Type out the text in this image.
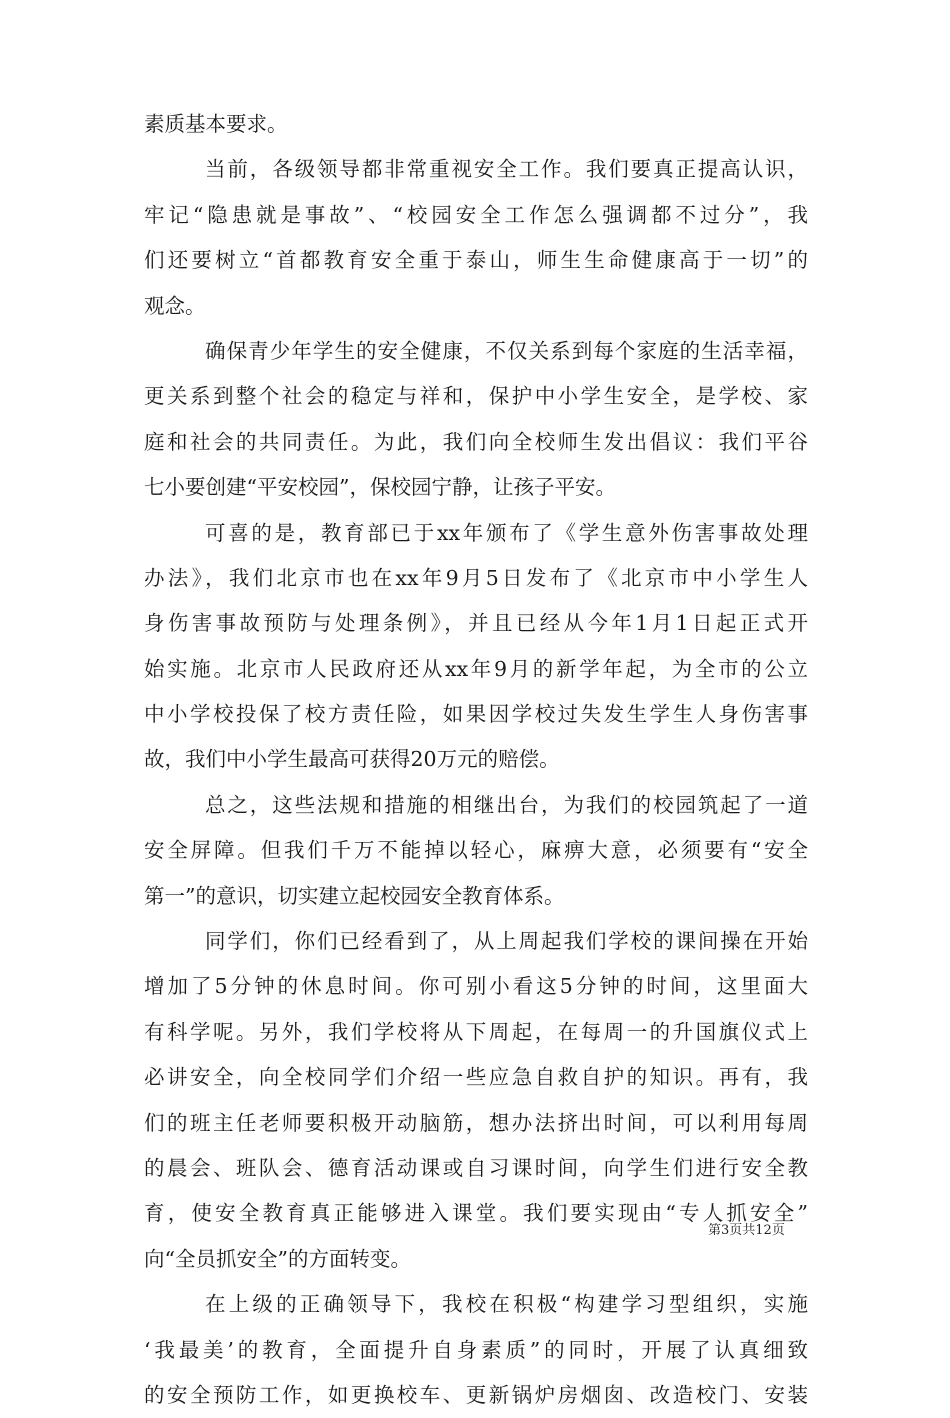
素质基本要求。
当前，各级领导都非常重视安全工作。我们要真正提高认识，
牢记“隐患就是事故”、“校园安全工作怎么强调都不过分”，我
们还要树立“首都教育安全重于泰山，师生生命健康高于一切”的
观念。
确保青少年学生的安全健康，不仅关系到每个家庭的生活幸福，
更关系到整个社会的稳定与祥和，保护中小学生安全，是学校、家
庭和社会的共同责任。为此，我们向全校师生发出倡议：我们平谷
七小要创建“平安校园”，保校园宁静，让孩子平安。
可喜的是，教育部已于xx年颁布了《学生意外伤害事故处理
办法》，我们北京市也在xx年9月5日发布了《北京市中小学生人
身伤害事故预防与处理条例》，并且已经从今年1月1日起正式开
始实施。北京市人民政府还从xx年9月的新学年起，为全市的公立
中小学校投保了校方责任险，如果因学校过失发生学生人身伤害事
故，我们中小学生最高可获得20万元的赔偿。
总之，这些法规和措施的相继出台，为我们的校园筑起了一道
安全屏障。但我们千万不能掉以轻心，麻痹大意，必须要有“安全
第一”的意识，切实建立起校园安全教育体系。
同学们，你们已经看到了，从上周起我们学校的课间操在开始
增加了5分钟的休息时间。你可别小看这5分钟的时间，这里面大
有科学呢。另外，我们学校将从下周起，在每周一的升国旗仪式上
必讲安全，向全校同学们介绍一些应急自救自护的知识。再有，我
们的班主任老师要积极开动脑筋，想办法挤出时间，可以利用每周
的晨会、班队会、德育活动课或自习课时间，向学生们进行安全教
育，使安全教育真正能够进入课堂。我们要实现由“专人抓安全”
向“全员抓安全”的方面转变。
在上级的正确领导下，我校在积极“构建学习型组织，实施
‘我最美’的教育，全面提升自身素质”的同时，开展了认真细致
的安全预防工作，如更换校车、更新锅炉房烟囱、改造校门、安装
第3页共12页
